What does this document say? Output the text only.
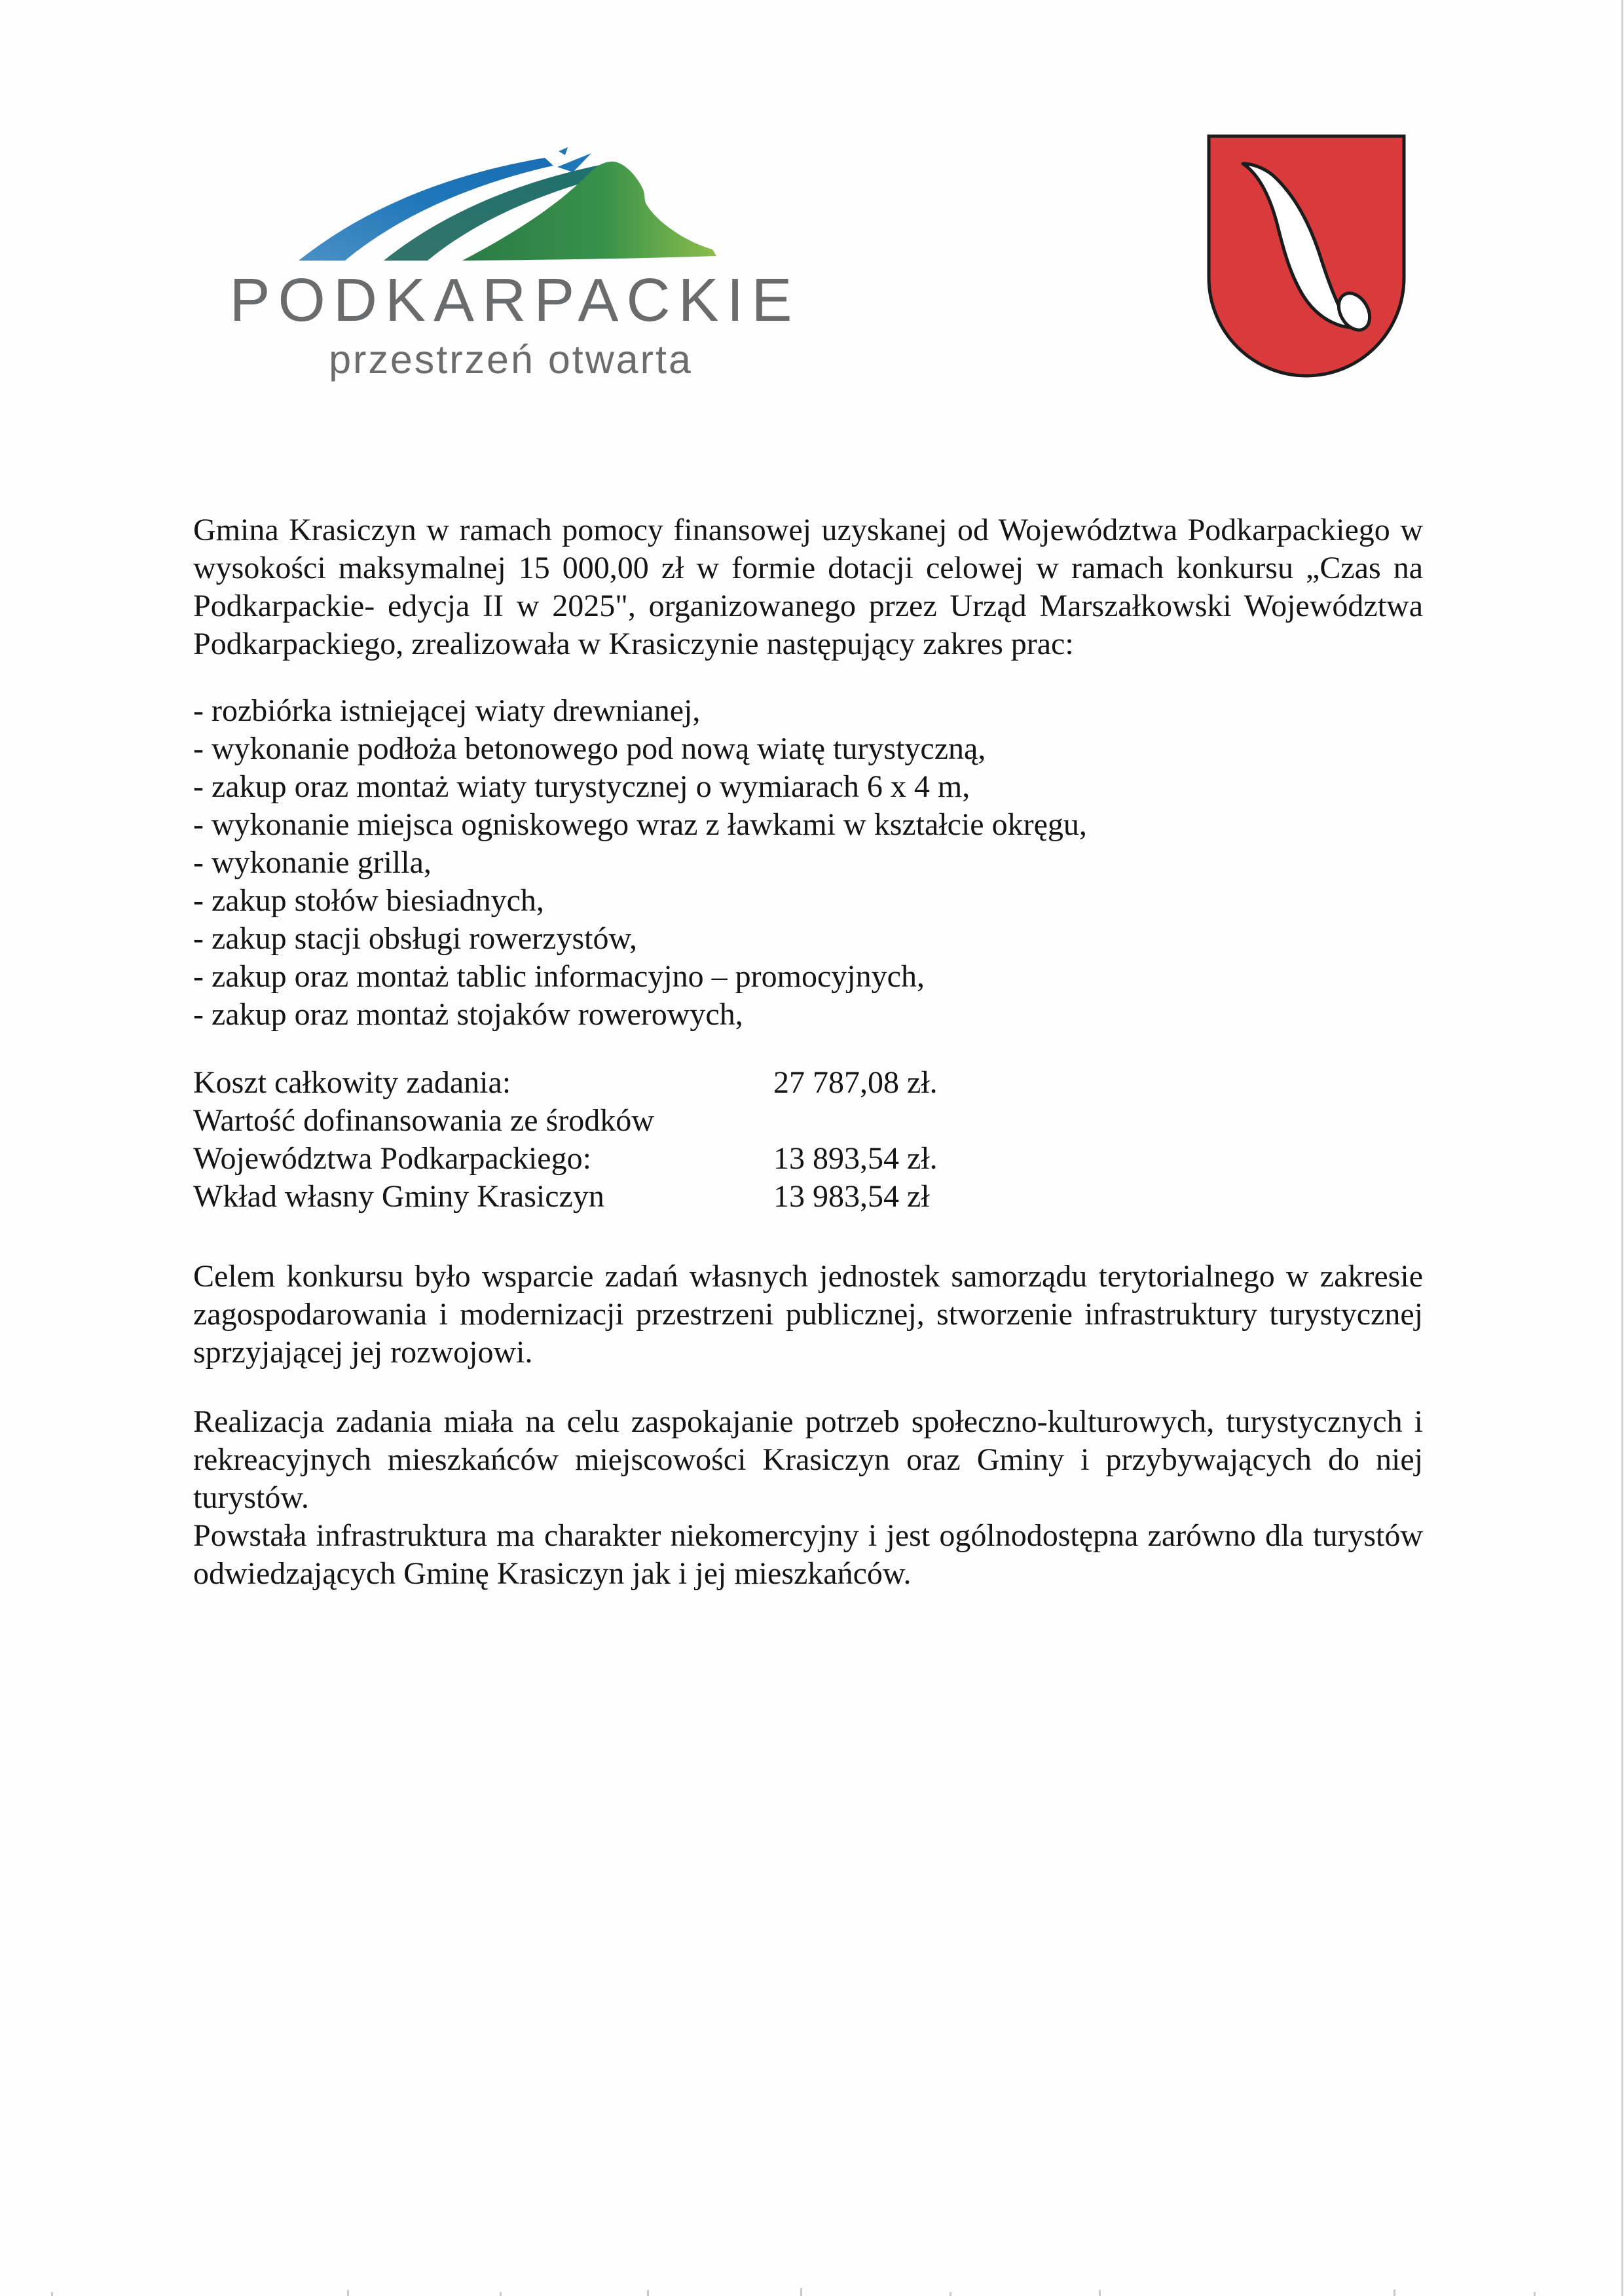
PODKARPACKIE
przestrzeń otwarta
Gmina Krasiczyn w ramach pomocy finansowej uzyskanej od Województwa Podkarpackiego w wysokości maksymalnej 15 000,00 zł w formie dotacji celowej w ramach konkursu „Czas na Podkarpackie- edycja II w 2025", organizowanego przez Urząd Marszałkowski Województwa Podkarpackiego, zrealizowała w Krasiczynie następujący zakres prac:
- rozbiórka istniejącej wiaty drewnianej,
- wykonanie podłoża betonowego pod nową wiatę turystyczną,
- zakup oraz montaż wiaty turystycznej o wymiarach 6 x 4 m,
- wykonanie miejsca ogniskowego wraz z ławkami w kształcie okręgu,
- wykonanie grilla,
- zakup stołów biesiadnych,
- zakup stacji obsługi rowerzystów,
- zakup oraz montaż tablic informacyjno – promocyjnych,
- zakup oraz montaż stojaków rowerowych,
Koszt całkowity zadania:	27 787,08 zł.
Wartość dofinansowania ze środków
Województwa Podkarpackiego:	13 893,54 zł.
Wkład własny Gminy Krasiczyn	13 983,54 zł
Celem konkursu było wsparcie zadań własnych jednostek samorządu terytorialnego w zakresie zagospodarowania i modernizacji przestrzeni publicznej, stworzenie infrastruktury turystycznej sprzyjającej jej rozwojowi.

Realizacja zadania miała na celu zaspokajanie potrzeb społeczno-kulturowych, turystycznych i rekreacyjnych mieszkańców miejscowości Krasiczyn oraz Gminy i przybywających do niej turystów.

Powstała infrastruktura ma charakter niekomercyjny i jest ogólnodostępna zarówno dla turystów odwiedzających Gminę Krasiczyn jak i jej mieszkańców.
